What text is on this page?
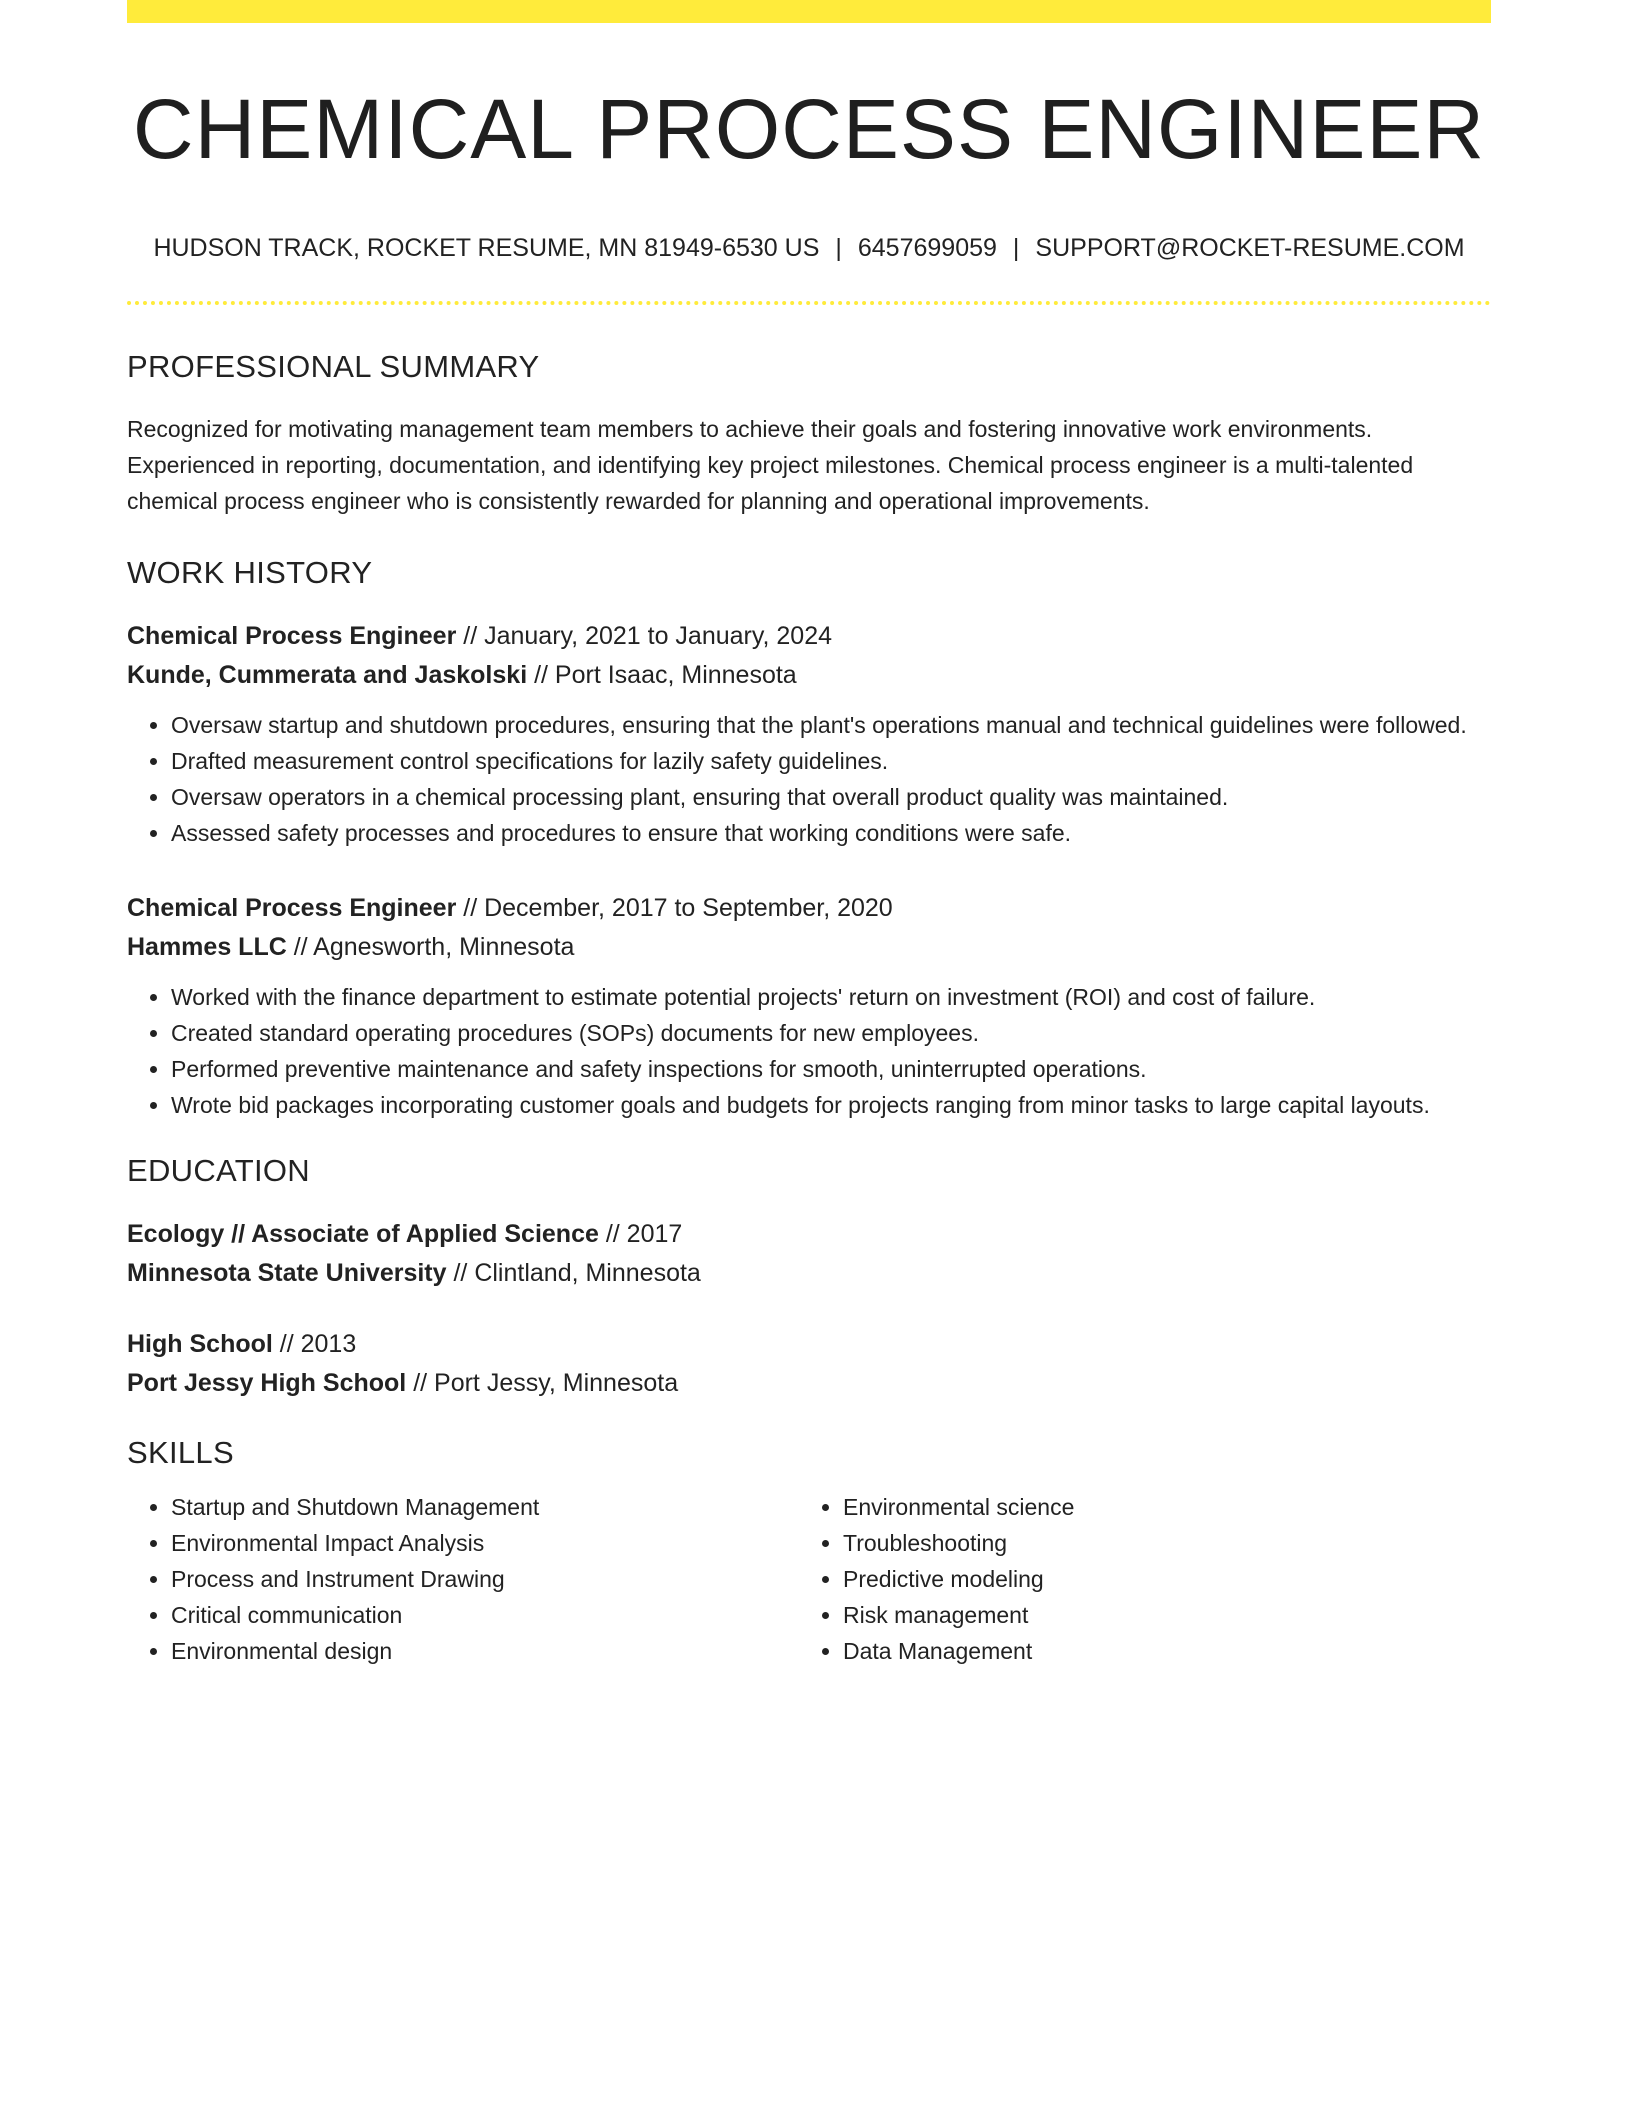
CHEMICAL PROCESS ENGINEER
HUDSON TRACK, ROCKET RESUME, MN 81949-6530 US | 6457699059 | SUPPORT@ROCKET-RESUME.COM
PROFESSIONAL SUMMARY
Recognized for motivating management team members to achieve their goals and fostering innovative work environments. Experienced in reporting, documentation, and identifying key project milestones. Chemical process engineer is a multi-talented chemical process engineer who is consistently rewarded for planning and operational improvements.
WORK HISTORY
Chemical Process Engineer // January, 2021 to January, 2024
Kunde, Cummerata and Jaskolski // Port Isaac, Minnesota
• Oversaw startup and shutdown procedures, ensuring that the plant's operations manual and technical guidelines were followed.
• Drafted measurement control specifications for lazily safety guidelines.
• Oversaw operators in a chemical processing plant, ensuring that overall product quality was maintained.
• Assessed safety processes and procedures to ensure that working conditions were safe.
Chemical Process Engineer // December, 2017 to September, 2020
Hammes LLC // Agnesworth, Minnesota
• Worked with the finance department to estimate potential projects' return on investment (ROI) and cost of failure.
• Created standard operating procedures (SOPs) documents for new employees.
• Performed preventive maintenance and safety inspections for smooth, uninterrupted operations.
• Wrote bid packages incorporating customer goals and budgets for projects ranging from minor tasks to large capital layouts.
EDUCATION
Ecology // Associate of Applied Science // 2017
Minnesota State University // Clintland, Minnesota
High School // 2013
Port Jessy High School // Port Jessy, Minnesota
SKILLS
• Startup and Shutdown Management
• Environmental Impact Analysis
• Process and Instrument Drawing
• Critical communication
• Environmental design
• Environmental science
• Troubleshooting
• Predictive modeling
• Risk management
• Data Management
